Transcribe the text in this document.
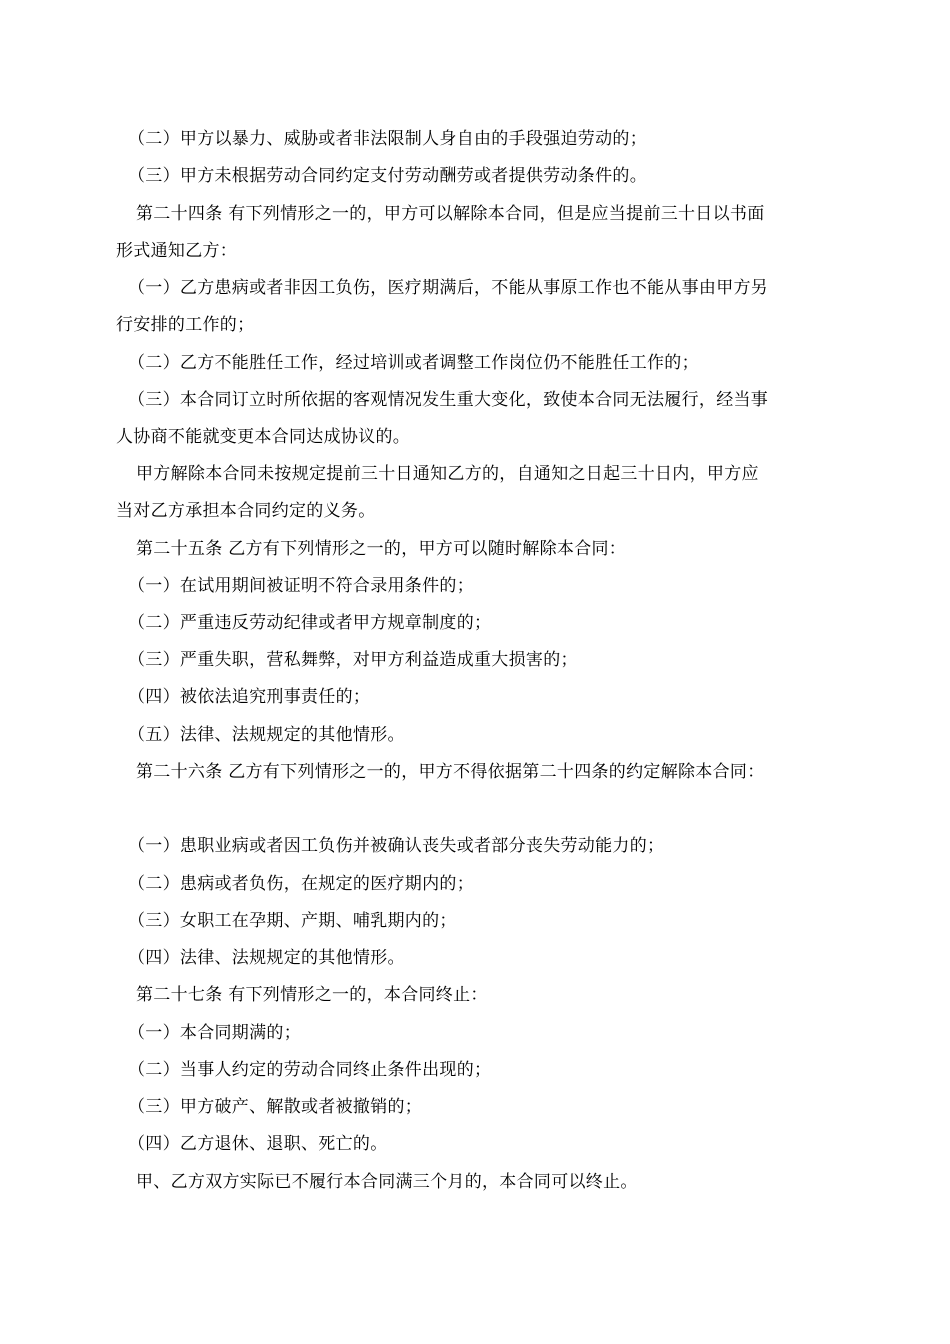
（二）甲方以暴力、威胁或者非法限制人身自由的手段强迫劳动的；
（三）甲方未根据劳动合同约定支付劳动酬劳或者提供劳动条件的。
第二十四条 有下列情形之一的，甲方可以解除本合同，但是应当提前三十日以书面
形式通知乙方：
（一）乙方患病或者非因工负伤，医疗期满后，不能从事原工作也不能从事由甲方另
行安排的工作的；
（二）乙方不能胜任工作，经过培训或者调整工作岗位仍不能胜任工作的；
（三）本合同订立时所依据的客观情况发生重大变化，致使本合同无法履行，经当事
人协商不能就变更本合同达成协议的。
甲方解除本合同未按规定提前三十日通知乙方的，自通知之日起三十日内，甲方应
当对乙方承担本合同约定的义务。
第二十五条 乙方有下列情形之一的，甲方可以随时解除本合同：
（一）在试用期间被证明不符合录用条件的；
（二）严重违反劳动纪律或者甲方规章制度的；
（三）严重失职，营私舞弊，对甲方利益造成重大损害的；
（四）被依法追究刑事责任的；
（五）法律、法规规定的其他情形。
第二十六条 乙方有下列情形之一的，甲方不得依据第二十四条的约定解除本合同：
（一）患职业病或者因工负伤并被确认丧失或者部分丧失劳动能力的；
（二）患病或者负伤，在规定的医疗期内的；
（三）女职工在孕期、产期、哺乳期内的；
（四）法律、法规规定的其他情形。
第二十七条 有下列情形之一的，本合同终止：
（一）本合同期满的；
（二）当事人约定的劳动合同终止条件出现的；
（三）甲方破产、解散或者被撤销的；
（四）乙方退休、退职、死亡的。
甲、乙方双方实际已不履行本合同满三个月的，本合同可以终止。
